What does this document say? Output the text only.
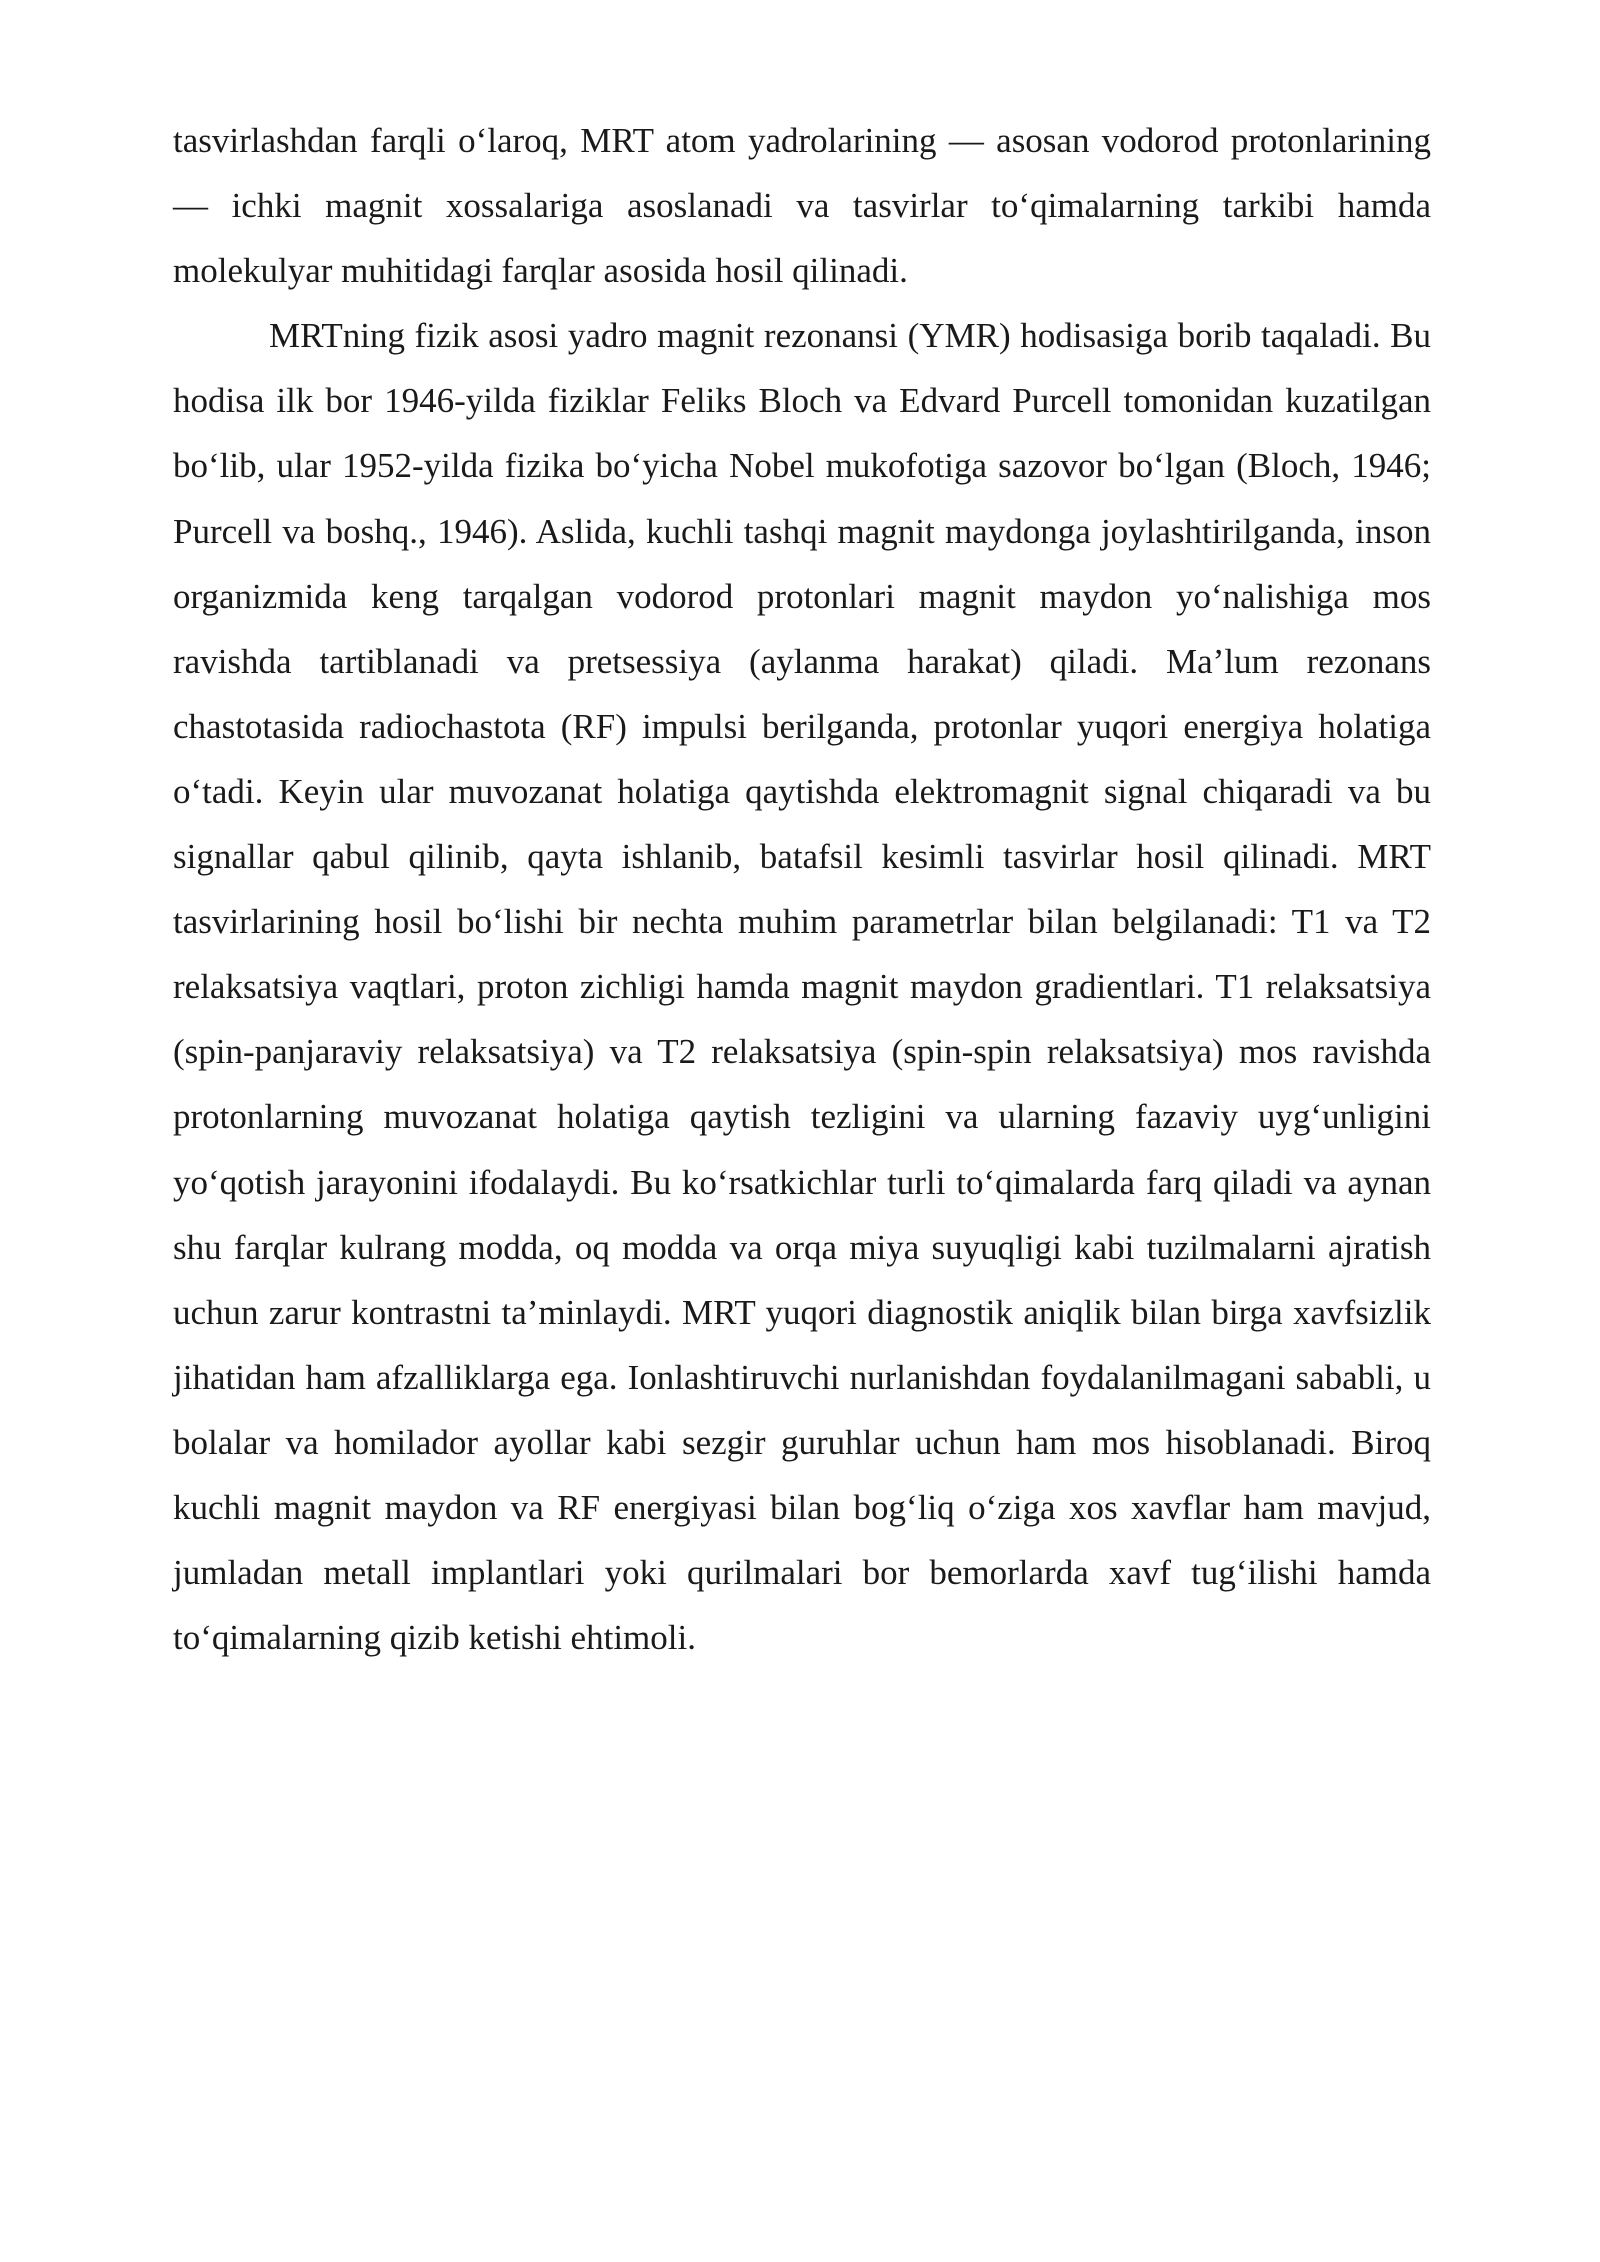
tasvirlashdan farqli o‘laroq, MRT atom yadrolarining — asosan vodorod protonlarining — ichki magnit xossalariga asoslanadi va tasvirlar to‘qimalarning tarkibi hamda molekulyar muhitidagi farqlar asosida hosil qilinadi.

MRTning fizik asosi yadro magnit rezonansi (YMR) hodisasiga borib taqaladi. Bu hodisa ilk bor 1946-yilda fiziklar Feliks Bloch va Edvard Purcell tomonidan kuzatilgan bo‘lib, ular 1952-yilda fizika bo‘yicha Nobel mukofotiga sazovor bo‘lgan (Bloch, 1946; Purcell va boshq., 1946). Aslida, kuchli tashqi magnit maydonga joylashtirilganda, inson organizmida keng tarqalgan vodorod protonlari magnit maydon yo‘nalishiga mos ravishda tartiblanadi va pretsessiya (aylanma harakat) qiladi. Ma’lum rezonans chastotasida radiochastota (RF) impulsi berilganda, protonlar yuqori energiya holatiga o‘tadi. Keyin ular muvozanat holatiga qaytishda elektromagnit signal chiqaradi va bu signallar qabul qilinib, qayta ishlanib, batafsil kesimli tasvirlar hosil qilinadi. MRT tasvirlarining hosil bo‘lishi bir nechta muhim parametrlar bilan belgilanadi: T1 va T2 relaksatsiya vaqtlari, proton zichligi hamda magnit maydon gradientlari. T1 relaksatsiya (spin-panjaraviy relaksatsiya) va T2 relaksatsiya (spin-spin relaksatsiya) mos ravishda protonlarning muvozanat holatiga qaytish tezligini va ularning fazaviy uyg‘unligini yo‘qotish jarayonini ifodalaydi. Bu ko‘rsatkichlar turli to‘qimalarda farq qiladi va aynan shu farqlar kulrang modda, oq modda va orqa miya suyuqligi kabi tuzilmalarni ajratish uchun zarur kontrastni ta’minlaydi. MRT yuqori diagnostik aniqlik bilan birga xavfsizlik jihatidan ham afzalliklarga ega. Ionlashtiruvchi nurlanishdan foydalanilmagani sababli, u bolalar va homilador ayollar kabi sezgir guruhlar uchun ham mos hisoblanadi. Biroq kuchli magnit maydon va RF energiyasi bilan bog‘liq o‘ziga xos xavflar ham mavjud, jumladan metall implantlari yoki qurilmalari bor bemorlarda xavf tug‘ilishi hamda to‘qimalarning qizib ketishi ehtimoli.
